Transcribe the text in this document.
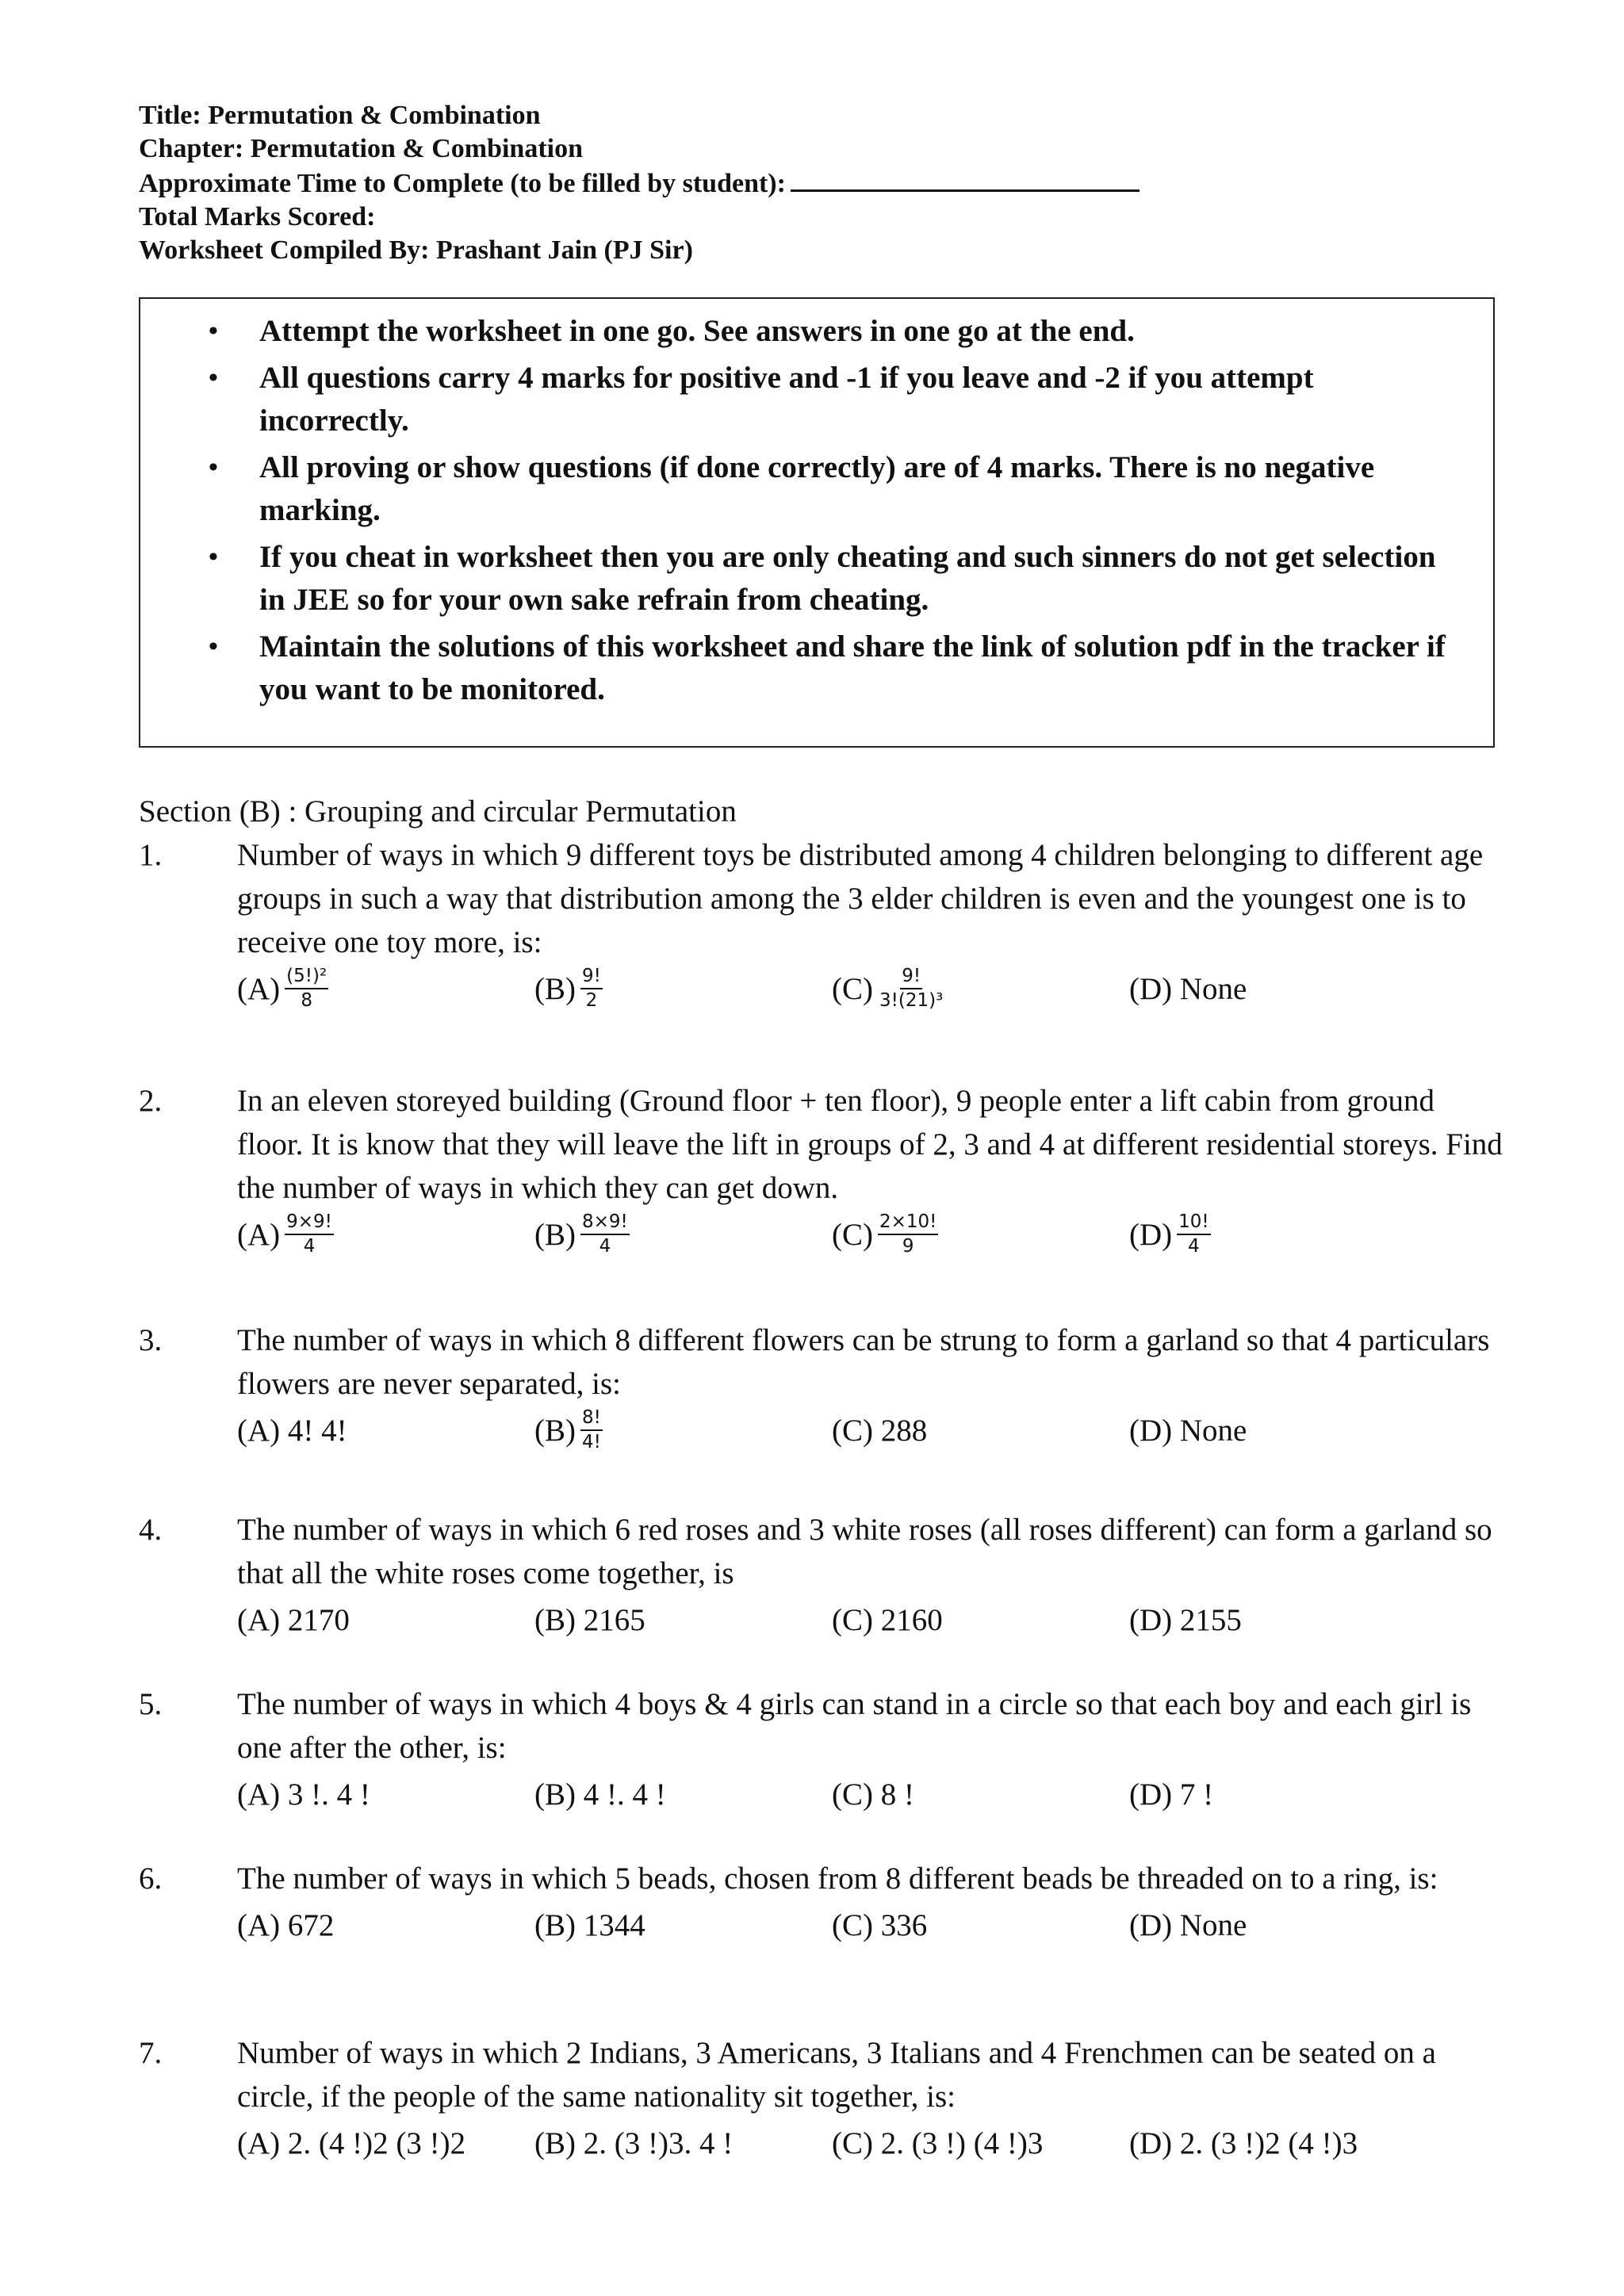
Title: Permutation & Combination
Chapter: Permutation & Combination
Approximate Time to Complete (to be filled by student):
Total Marks Scored:
Worksheet Compiled By: Prashant Jain (PJ Sir)
• Attempt the worksheet in one go. See answers in one go at the end.
• All questions carry 4 marks for positive and -1 if you leave and -2 if you attempt incorrectly.
• All proving or show questions (if done correctly) are of 4 marks. There is no negative marking.
• If you cheat in worksheet then you are only cheating and such sinners do not get selection in JEE so for your own sake refrain from cheating.
• Maintain the solutions of this worksheet and share the link of solution pdf in the tracker if you want to be monitored.
Section (B) : Grouping and circular Permutation
1. Number of ways in which 9 different toys be distributed among 4 children belonging to different age groups in such a way that distribution among the 3 elder children is even and the youngest one is to receive one toy more, is:
$(A) \frac{\text{(5!)²}}{8}$	$(B) \frac{9!}{2}$	$(C) \frac{9!}{\text{3!(21)³}}$	(D) None
2. In an eleven storeyed building (Ground floor + ten floor), 9 people enter a lift cabin from ground floor. It is know that they will leave the lift in groups of 2, 3 and 4 at different residential storeys. Find the number of ways in which they can get down.
$(A) \frac{9\times 9!}{4}$	$(B) \frac{8\times 9!}{4}$	$(C) \frac{2\times 10!}{9}$	$(D) \frac{10!}{4}$
3. The number of ways in which 8 different flowers can be strung to form a garland so that 4 particulars flowers are never separated, is:
(A) 4! 4!	$(B) \frac{8!}{4!}$	(C) 288	(D) None
4. The number of ways in which 6 red roses and 3 white roses (all roses different) can form a garland so that all the white roses come together, is
(A) 2170	(B) 2165	(C) 2160	(D) 2155
5. The number of ways in which 4 boys & 4 girls can stand in a circle so that each boy and each girl is one after the other, is:
(A) 3 !. 4 !	(B) 4 !. 4 !	(C) 8 !	(D) 7 !
6. The number of ways in which 5 beads, chosen from 8 different beads be threaded on to a ring, is:
(A) 672	(B) 1344	(C) 336	(D) None
7. Number of ways in which 2 Indians, 3 Americans, 3 Italians and 4 Frenchmen can be seated on a circle, if the people of the same nationality sit together, is:
(A) 2. (4 !)2 (3 !)2 (B) 2. (3 !)3. 4 !	(C) 2. (3 !) (4 !)3	(D) 2. (3 !)2 (4 !)3
